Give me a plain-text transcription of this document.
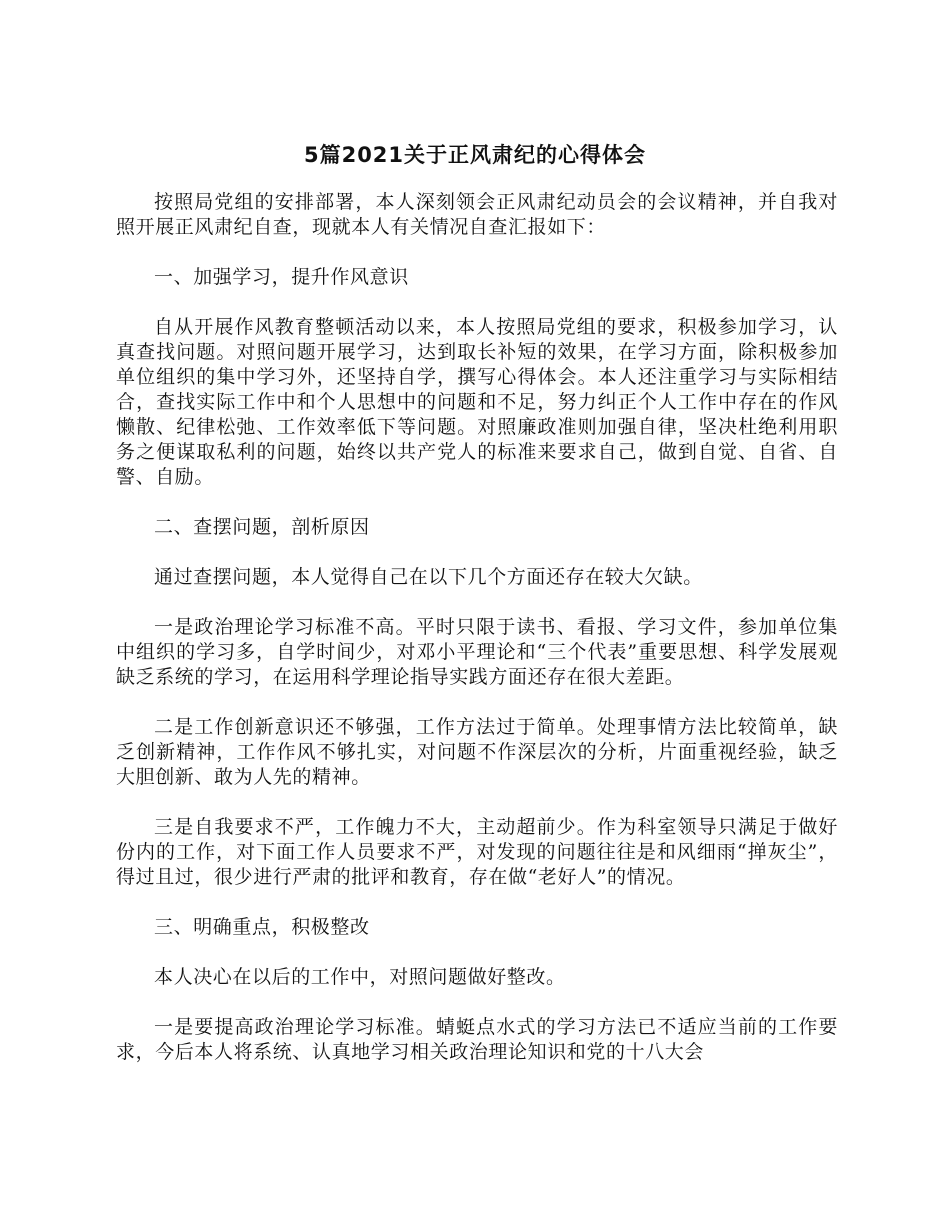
5篇2021关于正风肃纪的心得体会

按照局党组的安排部署，本人深刻领会正风肃纪动员会的会议精神，并自我对照开展正风肃纪自查，现就本人有关情况自查汇报如下：

一、加强学习，提升作风意识

自从开展作风教育整顿活动以来，本人按照局党组的要求，积极参加学习，认真查找问题。对照问题开展学习，达到取长补短的效果，在学习方面，除积极参加单位组织的集中学习外，还坚持自学，撰写心得体会。本人还注重学习与实际相结合，查找实际工作中和个人思想中的问题和不足，努力纠正个人工作中存在的作风懒散、纪律松弛、工作效率低下等问题。对照廉政准则加强自律，坚决杜绝利用职务之便谋取私利的问题，始终以共产党人的标准来要求自己，做到自觉、自省、自警、自励。

二、查摆问题，剖析原因

通过查摆问题，本人觉得自己在以下几个方面还存在较大欠缺。

一是政治理论学习标准不高。平时只限于读书、看报、学习文件，参加单位集中组织的学习多，自学时间少，对邓小平理论和“三个代表”重要思想、科学发展观缺乏系统的学习，在运用科学理论指导实践方面还存在很大差距。

二是工作创新意识还不够强，工作方法过于简单。处理事情方法比较简单，缺乏创新精神，工作作风不够扎实，对问题不作深层次的分析，片面重视经验，缺乏大胆创新、敢为人先的精神。

三是自我要求不严，工作魄力不大，主动超前少。作为科室领导只满足于做好份内的工作，对下面工作人员要求不严，对发现的问题往往是和风细雨“掸灰尘”，得过且过，很少进行严肃的批评和教育，存在做“老好人”的情况。

三、明确重点，积极整改

本人决心在以后的工作中，对照问题做好整改。

一是要提高政治理论学习标准。蜻蜓点水式的学习方法已不适应当前的工作要求，今后本人将系统、认真地学习相关政治理论知识和党的十八大会
